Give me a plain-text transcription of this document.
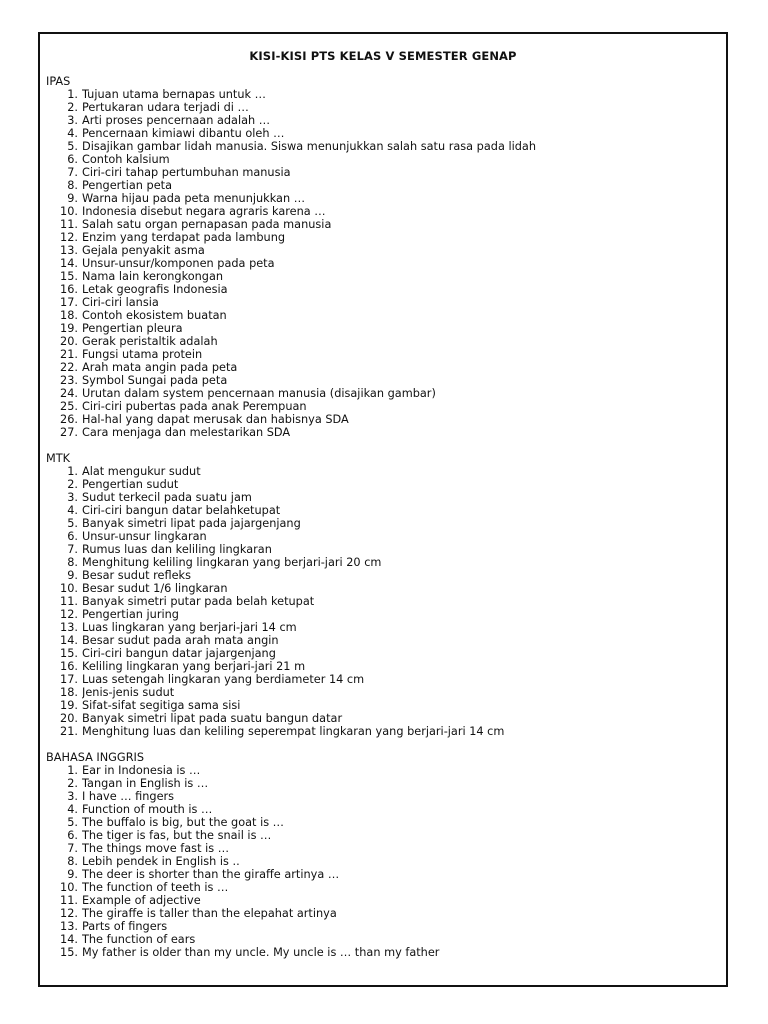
KISI-KISI PTS KELAS V SEMESTER GENAP
IPAS
1. Tujuan utama bernapas untuk …
2. Pertukaran udara terjadi di …
3. Arti proses pencernaan adalah …
4. Pencernaan kimiawi dibantu oleh …
5. Disajikan gambar lidah manusia. Siswa menunjukkan salah satu rasa pada lidah
6. Contoh kalsium
7. Ciri-ciri tahap pertumbuhan manusia
8. Pengertian peta
9. Warna hijau pada peta menunjukkan …
10. Indonesia disebut negara agraris karena …
11. Salah satu organ pernapasan pada manusia
12. Enzim yang terdapat pada lambung
13. Gejala penyakit asma
14. Unsur-unsur/komponen pada peta
15. Nama lain kerongkongan
16. Letak geografis Indonesia
17. Ciri-ciri lansia
18. Contoh ekosistem buatan
19. Pengertian pleura
20. Gerak peristaltik adalah
21. Fungsi utama protein
22. Arah mata angin pada peta
23. Symbol Sungai pada peta
24. Urutan dalam system pencernaan manusia (disajikan gambar)
25. Ciri-ciri pubertas pada anak Perempuan
26. Hal-hal yang dapat merusak dan habisnya SDA
27. Cara menjaga dan melestarikan SDA
MTK
1. Alat mengukur sudut
2. Pengertian sudut
3. Sudut terkecil pada suatu jam
4. Ciri-ciri bangun datar belahketupat
5. Banyak simetri lipat pada jajargenjang
6. Unsur-unsur lingkaran
7. Rumus luas dan keliling lingkaran
8. Menghitung keliling lingkaran yang berjari-jari 20 cm
9. Besar sudut refleks
10. Besar sudut 1/6 lingkaran
11. Banyak simetri putar pada belah ketupat
12. Pengertian juring
13. Luas lingkaran yang berjari-jari 14 cm
14. Besar sudut pada arah mata angin
15. Ciri-ciri bangun datar jajargenjang
16. Keliling lingkaran yang berjari-jari 21 m
17. Luas setengah lingkaran yang berdiameter 14 cm
18. Jenis-jenis sudut
19. Sifat-sifat segitiga sama sisi
20. Banyak simetri lipat pada suatu bangun datar
21. Menghitung luas dan keliling seperempat lingkaran yang berjari-jari 14 cm
BAHASA INGGRIS
1. Ear in Indonesia is …
2. Tangan in English is …
3. I have … fingers
4. Function of mouth is …
5. The buffalo is big, but the goat is …
6. The tiger is fas, but the snail is …
7. The things move fast is …
8. Lebih pendek in English is ..
9. The deer is shorter than the giraffe artinya …
10. The function of teeth is …
11. Example of adjective
12. The giraffe is taller than the elepahat artinya
13. Parts of fingers
14. The function of ears
15. My father is older than my uncle. My uncle is … than my father
